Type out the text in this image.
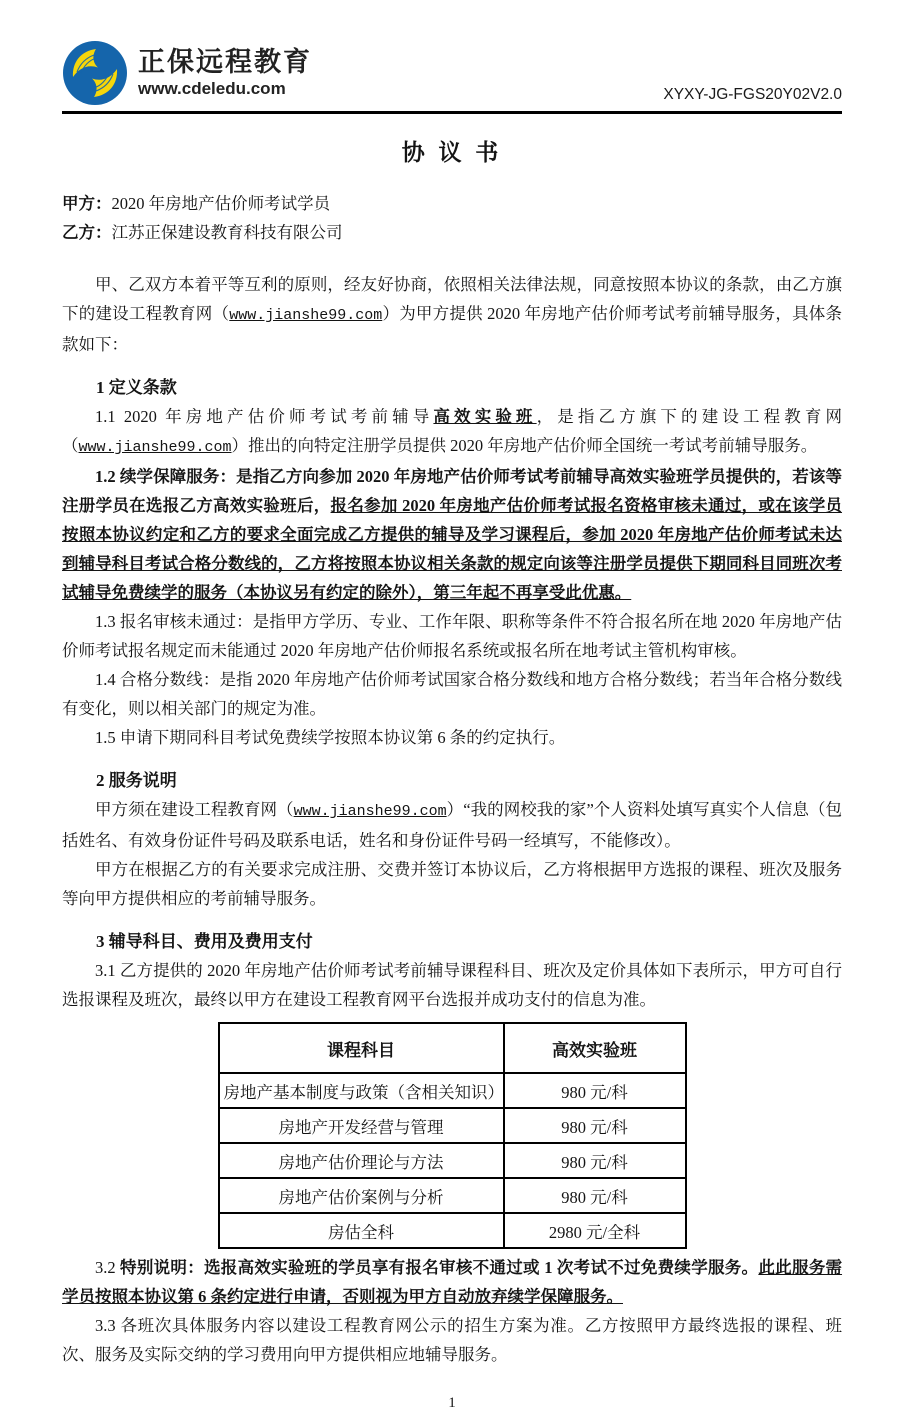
正保远程教育
www.cdeledu.com	XYXY-JG-FGS20Y02V2.0
协 议 书
甲方：2020 年房地产估价师考试学员
乙方：江苏正保建设教育科技有限公司

甲、乙双方本着平等互利的原则，经友好协商，依照相关法律法规，同意按照本协议的条款，由乙方旗下的建设工程教育网（www.jianshe99.com）为甲方提供 2020 年房地产估价师考试考前辅导服务，具体条款如下：

1 定义条款

1.1 2020 年房地产估价师考试考前辅导高效实验班，是指乙方旗下的建设工程教育网（www.jianshe99.com）推出的向特定注册学员提供 2020 年房地产估价师全国统一考试考前辅导服务。

1.2 续学保障服务：是指乙方向参加 2020 年房地产估价师考试考前辅导高效实验班学员提供的，若该等注册学员在选报乙方高效实验班后，报名参加 2020 年房地产估价师考试报名资格审核未通过，或在该学员按照本协议约定和乙方的要求全面完成乙方提供的辅导及学习课程后，参加 2020 年房地产估价师考试未达到辅导科目考试合格分数线的，乙方将按照本协议相关条款的规定向该等注册学员提供下期同科目同班次考试辅导免费续学的服务（本协议另有约定的除外），第三年起不再享受此优惠。

1.3 报名审核未通过：是指甲方学历、专业、工作年限、职称等条件不符合报名所在地 2020 年房地产估价师考试报名规定而未能通过 2020 年房地产估价师报名系统或报名所在地考试主管机构审核。

1.4 合格分数线：是指 2020 年房地产估价师考试国家合格分数线和地方合格分数线；若当年合格分数线有变化，则以相关部门的规定为准。

1.5 申请下期同科目考试免费续学按照本协议第 6 条的约定执行。

2 服务说明

甲方须在建设工程教育网（www.jianshe99.com）“我的网校我的家”个人资料处填写真实个人信息（包括姓名、有效身份证件号码及联系电话，姓名和身份证件号码一经填写，不能修改）。

甲方在根据乙方的有关要求完成注册、交费并签订本协议后，乙方将根据甲方选报的课程、班次及服务等向甲方提供相应的考前辅导服务。

3 辅导科目、费用及费用支付

3.1 乙方提供的 2020 年房地产估价师考试考前辅导课程科目、班次及定价具体如下表所示，甲方可自行选报课程及班次，最终以甲方在建设工程教育网平台选报并成功支付的信息为准。

课程科目	高效实验班
房地产基本制度与政策（含相关知识）	980 元/科
房地产开发经营与管理	980 元/科
房地产估价理论与方法	980 元/科
房地产估价案例与分析	980 元/科
房估全科	2980 元/全科

3.2 特别说明：选报高效实验班的学员享有报名审核不通过或 1 次考试不过免费续学服务。此此服务需学员按照本协议第 6 条约定进行申请，否则视为甲方自动放弃续学保障服务。

3.3 各班次具体服务内容以建设工程教育网公示的招生方案为准。乙方按照甲方最终选报的课程、班次、服务及实际交纳的学习费用向甲方提供相应地辅导服务。

1
